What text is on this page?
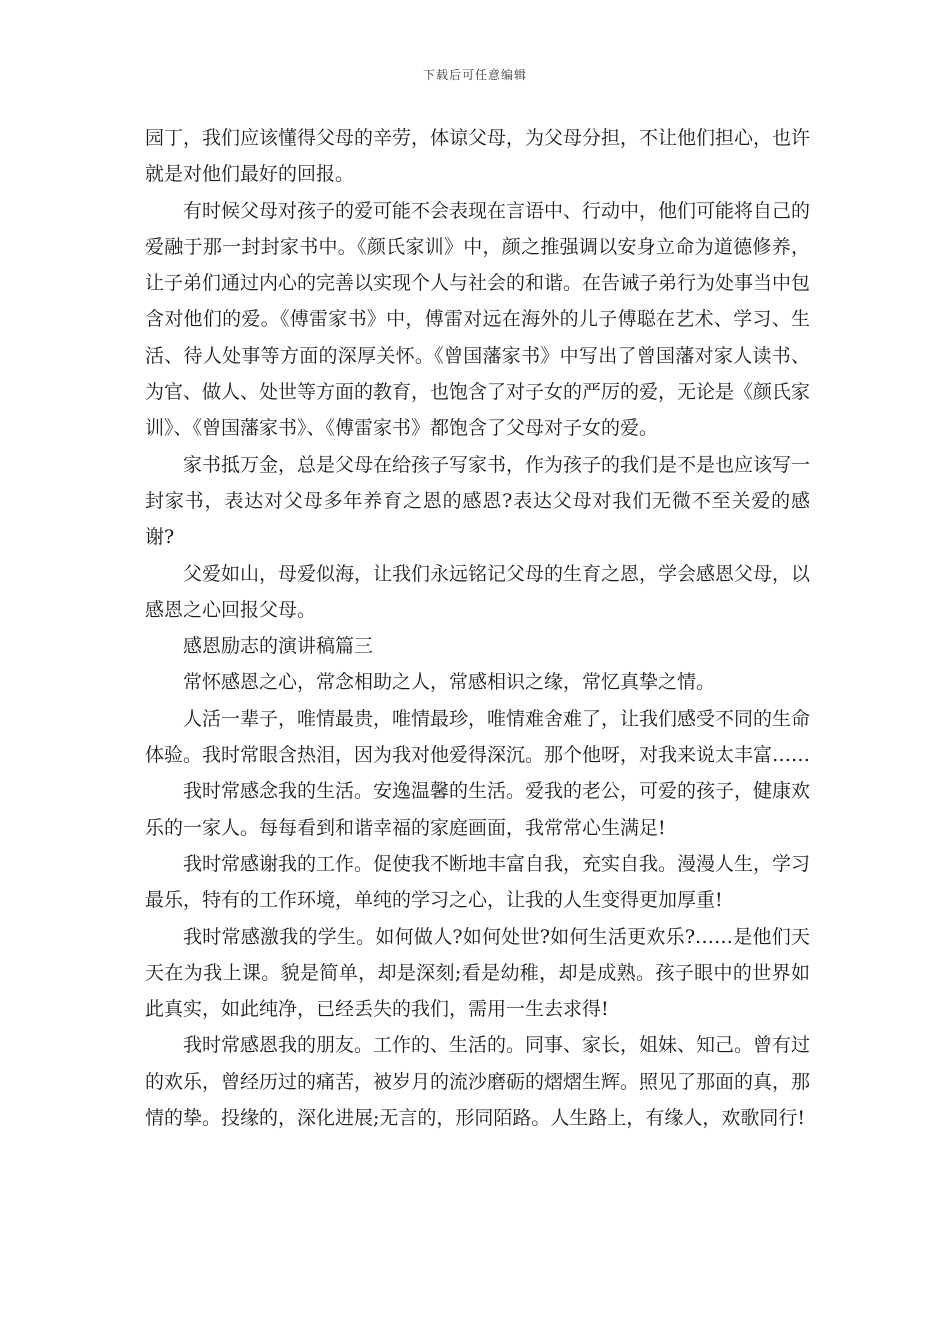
下载后可任意编辑

园丁，我们应该懂得父母的辛劳，体谅父母，为父母分担，不让他们担心，也许就是对他们最好的回报。

有时候父母对孩子的爱可能不会表现在言语中、行动中，他们可能将自己的爱融于那一封封家书中。《颜氏家训》中，颜之推强调以安身立命为道德修养，让子弟们通过内心的完善以实现个人与社会的和谐。在告诫子弟行为处事当中包含对他们的爱。《傅雷家书》中，傅雷对远在海外的儿子傅聪在艺术、学习、生活、待人处事等方面的深厚关怀。《曾国藩家书》中写出了曾国藩对家人读书、为官、做人、处世等方面的教育，也饱含了对子女的严厉的爱，无论是《颜氏家训》、《曾国藩家书》、《傅雷家书》都饱含了父母对子女的爱。

家书抵万金，总是父母在给孩子写家书，作为孩子的我们是不是也应该写一封家书，表达对父母多年养育之恩的感恩?表达父母对我们无微不至关爱的感谢?

父爱如山，母爱似海，让我们永远铭记父母的生育之恩，学会感恩父母，以感恩之心回报父母。

感恩励志的演讲稿篇三

常怀感恩之心，常念相助之人，常感相识之缘，常忆真挚之情。

人活一辈子，唯情最贵，唯情最珍，唯情难舍难了，让我们感受不同的生命体验。我时常眼含热泪，因为我对他爱得深沉。那个他呀，对我来说太丰富……

我时常感念我的生活。安逸温馨的生活。爱我的老公，可爱的孩子，健康欢乐的一家人。每每看到和谐幸福的家庭画面，我常常心生满足!

我时常感谢我的工作。促使我不断地丰富自我，充实自我。漫漫人生，学习最乐，特有的工作环境，单纯的学习之心，让我的人生变得更加厚重!

我时常感激我的学生。如何做人?如何处世?如何生活更欢乐?……是他们天天在为我上课。貌是简单，却是深刻;看是幼稚，却是成熟。孩子眼中的世界如此真实，如此纯净，已经丢失的我们，需用一生去求得!

我时常感恩我的朋友。工作的、生活的。同事、家长，姐妹、知己。曾有过的欢乐，曾经历过的痛苦，被岁月的流沙磨砺的熠熠生辉。照见了那面的真，那情的挚。投缘的，深化进展;无言的，形同陌路。人生路上，有缘人，欢歌同行!
